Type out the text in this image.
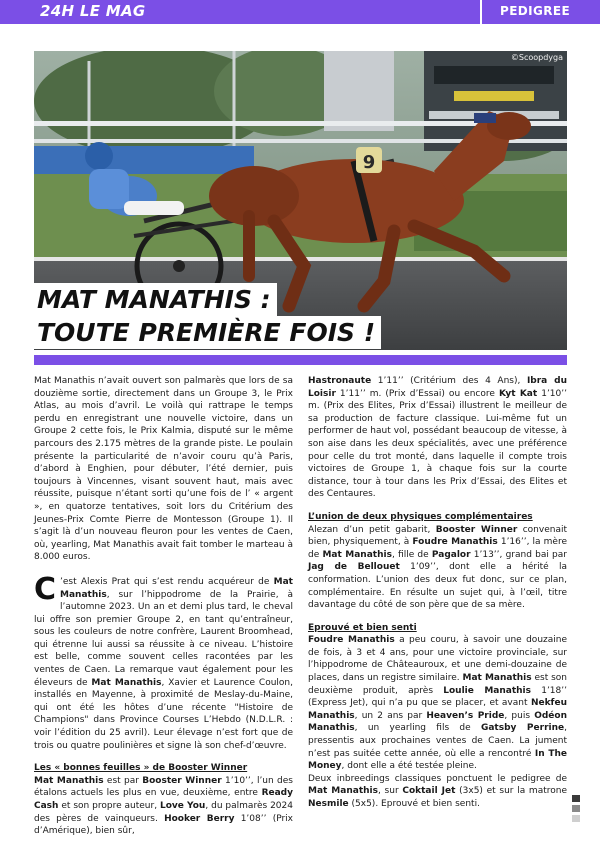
24H LE MAG	PEDIGREE
9
©Scoopdyga
MAT MANATHIS :
TOUTE PREMIÈRE FOIS !

Mat Manathis n’avait ouvert son palmarès que lors de sa douzième sortie, directement dans un Groupe 3, le Prix Atlas, au mois d’avril. Le voilà qui rattrape le temps perdu en enregistrant une nouvelle victoire, dans un Groupe 2 cette fois, le Prix Kalmia, disputé sur le même parcours des 2.175 mètres de la grande piste. Le poulain présente la particularité de n’avoir couru qu’à Paris, d’abord à Enghien, pour débuter, l’été dernier, puis toujours à Vincennes, visant souvent haut, mais avec réussite, puisque n’étant sorti qu’une fois de l’ « argent », en quatorze tentatives, soit lors du Critérium des Jeunes-Prix Comte Pierre de Montesson (Groupe 1). Il s’agit là d’un nouveau fleuron pour les ventes de Caen, où, yearling, Mat Manathis avait fait tomber le marteau à 8.000 euros.

C ’est Alexis Prat qui s’est rendu acquéreur de Mat Manathis, sur l’hippodrome de la Prairie, à l’automne 2023. Un an et demi plus tard, le cheval lui offre son premier Groupe 2, en tant qu’entraîneur, sous les couleurs de notre confrère, Laurent Broomhead, qui étrenne lui aussi sa réussite à ce niveau. L’histoire est belle, comme souvent celles racontées par les ventes de Caen. La remarque vaut également pour les éleveurs de Mat Manathis, Xavier et Laurence Coulon, installés en Mayenne, à proximité de Meslay-du-Maine, qui ont été les hôtes d’une récente "Histoire de Champions" dans Province Courses L’Hebdo (N.D.L.R. : voir l’édition du 25 avril). Leur élevage n’est fort que de trois ou quatre poulinières et signe là son chef-d’œuvre.

Les « bonnes feuilles » de Booster Winner

Mat Manathis est par Booster Winner 1’10’’, l’un des étalons actuels les plus en vue, deuxième, entre Ready Cash et son propre auteur, Love You, du palmarès 2024 des pères de vainqueurs. Hooker Berry 1’08’’ (Prix d’Amérique), bien sûr,

Hastronaute 1’11’’ (Critérium des 4 Ans), Ibra du Loisir 1’11’’ m. (Prix d’Essai) ou encore Kyt Kat 1’10’’ m. (Prix des Elites, Prix d’Essai) illustrent le meilleur de sa production de facture classique. Lui-même fut un performer de haut vol, possédant beaucoup de vitesse, à son aise dans les deux spécialités, avec une préférence pour celle du trot monté, dans laquelle il compte trois victoires de Groupe 1, à chaque fois sur la courte distance, tour à tour dans les Prix d’Essai, des Elites et des Centaures.

L’union de deux physiques complémentaires

Alezan d’un petit gabarit, Booster Winner convenait bien, physiquement, à Foudre Manathis 1’16’’, la mère de Mat Manathis, fille de Pagalor 1’13’’, grand bai par Jag de Bellouet 1’09’’, dont elle a hérité la conformation. L’union des deux fut donc, sur ce plan, complémentaire. En résulte un sujet qui, à l’œil, titre davantage du côté de son père que de sa mère.

Eprouvé et bien senti

Foudre Manathis a peu couru, à savoir une douzaine de fois, à 3 et 4 ans, pour une victoire provinciale, sur l’hippodrome de Châteauroux, et une demi-douzaine de places, dans un registre similaire. Mat Manathis est son deuxième produit, après Loulie Manathis 1’18’’ (Express Jet), qui n’a pu que se placer, et avant Nekfeu Manathis, un 2 ans par Heaven’s Pride, puis Odéon Manathis, un yearling fils de Gatsby Perrine, pressentis aux prochaines ventes de Caen. La jument n’est pas suitée cette année, où elle a rencontré In The Money, dont elle a été testée pleine.

Deux inbreedings classiques ponctuent le pedigree de Mat Manathis, sur Coktail Jet (3x5) et sur la matrone Nesmile (5x5). Eprouvé et bien senti.
